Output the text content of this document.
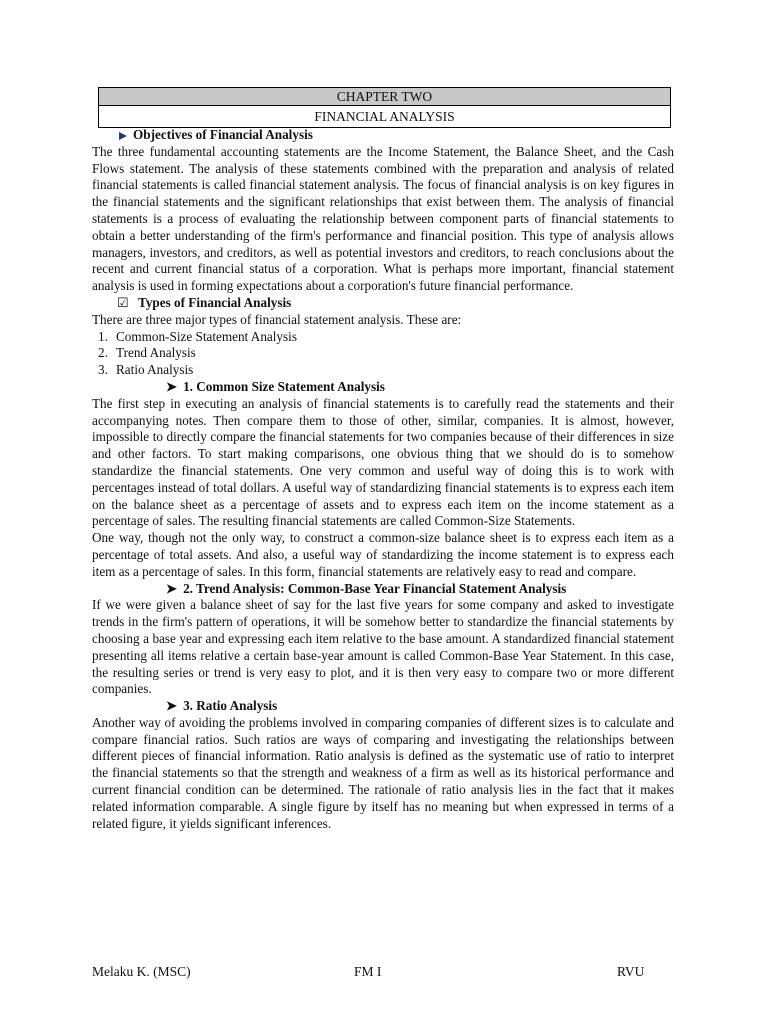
CHAPTER TWO
FINANCIAL ANALYSIS
Objectives of Financial Analysis

The three fundamental accounting statements are the Income Statement, the Balance Sheet, and the Cash Flows statement. The analysis of these statements combined with the preparation and analysis of related financial statements is called financial statement analysis. The focus of financial analysis is on key figures in the financial statements and the significant relationships that exist between them. The analysis of financial statements is a process of evaluating the relationship between component parts of financial statements to obtain a better understanding of the firm's performance and financial position. This type of analysis allows managers, investors, and creditors, as well as potential investors and creditors, to reach conclusions about the recent and current financial status of a corporation. What is perhaps more important, financial statement analysis is used in forming expectations about a corporation's future financial performance.

☑ Types of Financial Analysis

There are three major types of financial statement analysis. These are:

1. Common-Size Statement Analysis
2. Trend Analysis
3. Ratio Analysis
➤ 1. Common Size Statement Analysis

The first step in executing an analysis of financial statements is to carefully read the statements and their accompanying notes. Then compare them to those of other, similar, companies. It is almost, however, impossible to directly compare the financial statements for two companies because of their differences in size and other factors. To start making comparisons, one obvious thing that we should do is to somehow standardize the financial statements. One very common and useful way of doing this is to work with percentages instead of total dollars. A useful way of standardizing financial statements is to express each item on the balance sheet as a percentage of assets and to express each item on the income statement as a percentage of sales. The resulting financial statements are called Common-Size Statements.

One way, though not the only way, to construct a common-size balance sheet is to express each item as a percentage of total assets. And also, a useful way of standardizing the income statement is to express each item as a percentage of sales. In this form, financial statements are relatively easy to read and compare.

➤ 2. Trend Analysis: Common-Base Year Financial Statement Analysis

If we were given a balance sheet of say for the last five years for some company and asked to investigate trends in the firm's pattern of operations, it will be somehow better to standardize the financial statements by choosing a base year and expressing each item relative to the base amount. A standardized financial statement presenting all items relative a certain base-year amount is called Common-Base Year Statement. In this case, the resulting series or trend is very easy to plot, and it is then very easy to compare two or more different companies.

➤ 3. Ratio Analysis

Another way of avoiding the problems involved in comparing companies of different sizes is to calculate and compare financial ratios. Such ratios are ways of comparing and investigating the relationships between different pieces of financial information. Ratio analysis is defined as the systematic use of ratio to interpret the financial statements so that the strength and weakness of a firm as well as its historical performance and current financial condition can be determined. The rationale of ratio analysis lies in the fact that it makes related information comparable. A single figure by itself has no meaning but when expressed in terms of a related figure, it yields significant inferences.

Melaku K. (MSC)	FM I	RVU
